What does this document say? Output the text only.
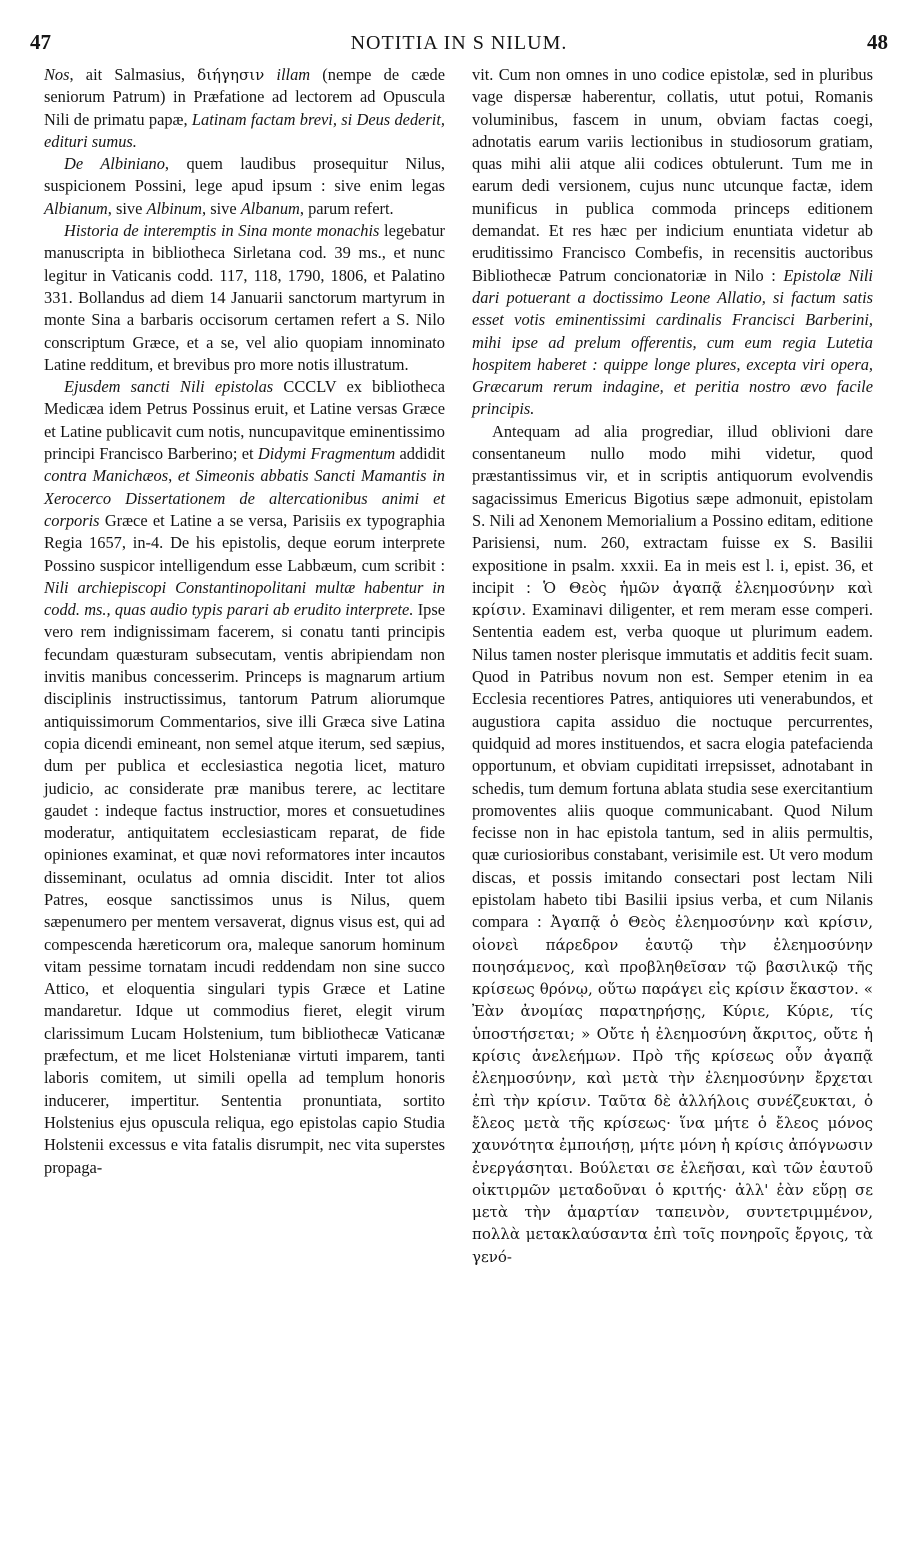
47	NOTITIA IN S NILUM.	48

Nos, ait Salmasius, διήγησιν illam (nempe de cæde seniorum Patrum) in Præfatione ad lectorem ad Opuscula Nili de primatu papæ, Latinam factam brevi, si Deus dederit, edituri sumus.

De Albiniano, quem laudibus prosequitur Nilus, suspicionem Possini, lege apud ipsum : sive enim legas Albianum, sive Albinum, sive Albanum, parum refert.

Historia de interemptis in Sina monte monachis legebatur manuscripta in bibliotheca Sirletana cod. 39 ms., et nunc legitur in Vaticanis codd. 117, 118, 1790, 1806, et Palatino 331. Bollandus ad diem 14 Januarii sanctorum martyrum in monte Sina a barbaris occisorum certamen refert a S. Nilo conscriptum Græce, et a se, vel alio quopiam innominato Latine redditum, et brevibus pro more notis illustratum.

Ejusdem sancti Nili epistolas CCCLV ex bibliotheca Medicæa idem Petrus Possinus eruit, et Latine versas Græce et Latine publicavit cum notis, nuncupavitque eminentissimo principi Francisco Barberino; et Didymi Fragmentum addidit contra Manichæos, et Simeonis abbatis Sancti Mamantis in Xerocerco Dissertationem de altercationibus animi et corporis Græce et Latine a se versa, Parisiis ex typographia Regia 1657, in-4. De his epistolis, deque eorum interprete Possino suspicor intelligendum esse Labbæum, cum scribit : Nili archiepiscopi Constantinopolitani multæ habentur in codd. ms., quas audio typis parari ab erudito interprete. Ipse vero rem indignissimam facerem, si conatu tanti principis fecundam quæsturam subsecutam, ventis abripiendam non invitis manibus concesserim. Princeps is magnarum artium disciplinis instructissimus, tantorum Patrum aliorumque antiquissimorum Commentarios, sive illi Græca sive Latina copia dicendi emineant, non semel atque iterum, sed sæpius, dum per publica et ecclesiastica negotia licet, maturo judicio, ac considerate præ manibus terere, ac lectitare gaudet : indeque factus instructior, mores et consuetudines moderatur, antiquitatem ecclesiasticam reparat, de fide opiniones examinat, et quæ novi reformatores inter incautos disseminant, oculatus ad omnia discidit. Inter tot alios Patres, eosque sanctissimos unus is Nilus, quem sæpenumero per mentem versaverat, dignus visus est, qui ad compescenda hæreticorum ora, maleque sanorum hominum vitam pessime tornatam incudi reddendam non sine succo Attico, et eloquentia singulari typis Græce et Latine mandaretur. Idque ut commodius fieret, elegit virum clarissimum Lucam Holstenium, tum bibliothecæ Vaticanæ præfectum, et me licet Holstenianæ virtuti imparem, tanti laboris comitem, ut simili opella ad templum honoris inducerer, impertitur. Sententia pronuntiata, sortito Holstenius ejus opuscula reliqua, ego epistolas capio Studia Holstenii excessus e vita fatalis disrumpit, nec vita superstes propaga-

vit. Cum non omnes in uno codice epistolæ, sed in pluribus vage dispersæ haberentur, collatis, utut potui, Romanis voluminibus, fascem in unum, obviam factas coegi, adnotatis earum variis lectionibus in studiosorum gratiam, quas mihi alii atque alii codices obtulerunt. Tum me in earum dedi versionem, cujus nunc utcunque factæ, idem munificus in publica commoda princeps editionem demandat. Et res hæc per indicium enuntiata videtur ab eruditissimo Francisco Combefis, in recensitis auctoribus Bibliothecæ Patrum concionatoriæ in Nilo : Epistolæ Nili dari potuerant a doctissimo Leone Allatio, si factum satis esset votis eminentissimi cardinalis Francisci Barberini, mihi ipse ad prelum offerentis, cum eum regia Lutetia hospitem haberet : quippe longe plures, excepta viri opera, Græcarum rerum indagine, et peritia nostro ævo facile principis.

Antequam ad alia progrediar, illud oblivioni dare consentaneum nullo modo mihi videtur, quod præstantissimus vir, et in scriptis antiquorum evolvendis sagacissimus Emericus Bigotius sæpe admonuit, epistolam S. Nili ad Xenonem Memorialium a Possino editam, editione Parisiensi, num. 260, extractam fuisse ex S. Basilii expositione in psalm. xxxii. Ea in meis est l. i, epist. 36, et incipit : Ὁ Θεὸς ἡμῶν ἀγαπᾷ ἐλεημοσύνην καὶ κρίσιν. Examinavi diligenter, et rem meram esse comperi. Sententia eadem est, verba quoque ut plurimum eadem. Nilus tamen noster plerisque immutatis et additis fecit suam. Quod in Patribus novum non est. Semper etenim in ea Ecclesia recentiores Patres, antiquiores uti venerabundos, et augustiora capita assiduo die noctuque percurrentes, quidquid ad mores instituendos, et sacra elogia patefacienda opportunum, et obviam cupiditati irrepsisset, adnotabant in schedis, tum demum fortuna ablata studia sese exercitantium promoventes aliis quoque communicabant. Quod Nilum fecisse non in hac epistola tantum, sed in aliis permultis, quæ curiosioribus constabant, verisimile est. Ut vero modum discas, et possis imitando consectari post lectam Nili epistolam habeto tibi Basilii ipsius verba, et cum Nilanis compara : Ἀγαπᾷ ὁ Θεὸς ἐλεημοσύνην καὶ κρίσιν, οἱονεὶ πάρεδρον ἑαυτῷ τὴν ἐλεημοσύνην ποιησάμενος, καὶ προβληθεῖσαν τῷ βασιλικῷ τῆς κρίσεως θρόνῳ, οὕτω παράγει εἰς κρίσιν ἕκαστον. « Ἐὰν ἀνομίας παρατηρήσῃς, Κύριε, Κύριε, τίς ὑποστήσεται; » Οὔτε ἡ ἐλεημοσύνη ἄκριτος, οὔτε ἡ κρίσις ἀνελεήμων. Πρὸ τῆς κρίσεως οὖν ἀγαπᾷ ἐλεημοσύνην, καὶ μετὰ τὴν ἐλεημοσύνην ἔρχεται ἐπὶ τὴν κρίσιν. Ταῦτα δὲ ἀλλήλοις συνέζευκται, ὁ ἔλεος μετὰ τῆς κρίσεως· ἵνα μήτε ὁ ἔλεος μόνος χαυνότητα ἐμποιήσῃ, μήτε μόνη ἡ κρίσις ἀπόγνωσιν ἐνεργάσηται. Βούλεται σε ἐλεῆσαι, καὶ τῶν ἑαυτοῦ οἰκτιρμῶν μεταδοῦναι ὁ κριτής· ἀλλ' ἐὰν εὕρῃ σε μετὰ τὴν ἁμαρτίαν ταπεινὸν, συντετριμμένον, πολλὰ μετακλαύσαντα ἐπὶ τοῖς πονηροῖς ἔργοις, τὰ γενό-
